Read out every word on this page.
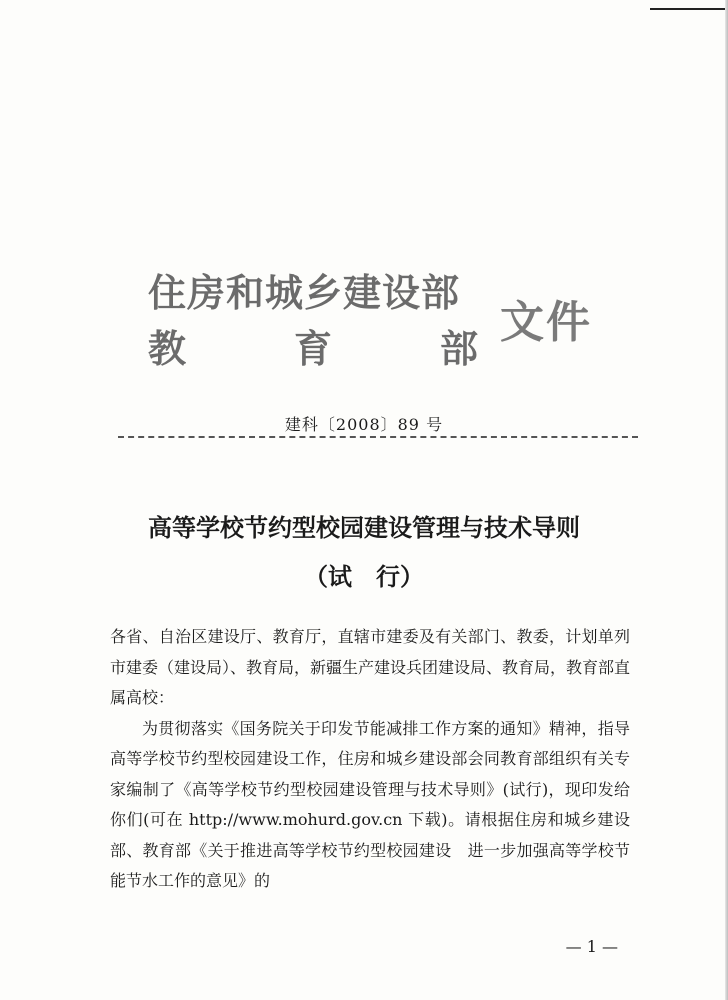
住房和城乡建设部
教	育	部
文件
建科〔2008〕89 号
高等学校节约型校园建设管理与技术导则
（试　行）

各省、自治区建设厅、教育厅，直辖市建委及有关部门、教委，计划单列市建委（建设局）、教育局，新疆生产建设兵团建设局、教育局，教育部直属高校：

为贯彻落实《国务院关于印发节能减排工作方案的通知》精神，指导高等学校节约型校园建设工作，住房和城乡建设部会同教育部组织有关专家编制了《高等学校节约型校园建设管理与技术导则》(试行)，现印发给你们(可在 http://www.mohurd.gov.cn 下载)。请根据住房和城乡建设部、教育部《关于推进高等学校节约型校园建设　进一步加强高等学校节能节水工作的意见》的

— 1 —
